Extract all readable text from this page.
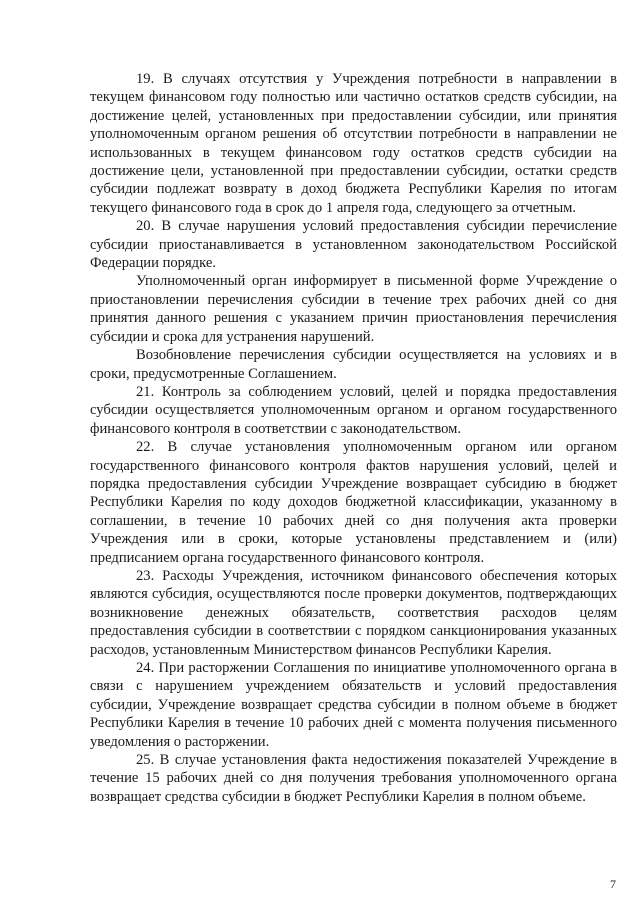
19. В случаях отсутствия у Учреждения потребности в направлении в текущем финансовом году полностью или частично остатков средств субсидии, на достижение целей, установленных при предоставлении субсидии, или принятия уполномоченным органом решения об отсутствии потребности в направлении не использованных в текущем финансовом году остатков средств субсидии на достижение цели, установленной при предоставлении субсидии, остатки средств субсидии подлежат возврату в доход бюджета Республики Карелия по итогам текущего финансового года в срок до 1 апреля года, следующего за отчетным.

20. В случае нарушения условий предоставления субсидии перечисление субсидии приостанавливается в установленном законодательством Российской Федерации порядке.

Уполномоченный орган информирует в письменной форме Учреждение о приостановлении перечисления субсидии в течение трех рабочих дней со дня принятия данного решения с указанием причин приостановления перечисления субсидии и срока для устранения нарушений.

Возобновление перечисления субсидии осуществляется на условиях и в сроки, предусмотренные Соглашением.

21. Контроль за соблюдением условий, целей и порядка предоставления субсидии осуществляется уполномоченным органом и органом государственного финансового контроля в соответствии с законодательством.

22. В случае установления уполномоченным органом или органом государственного финансового контроля фактов нарушения условий, целей и порядка предоставления субсидии Учреждение возвращает субсидию в бюджет Республики Карелия по коду доходов бюджетной классификации, указанному в соглашении, в течение 10 рабочих дней со дня получения акта проверки Учреждения или в сроки, которые установлены представлением и (или) предписанием органа государственного финансового контроля.

23. Расходы Учреждения, источником финансового обеспечения которых являются субсидия, осуществляются после проверки документов, подтверждающих возникновение денежных обязательств, соответствия расходов целям предоставления субсидии в соответствии с порядком санкционирования указанных расходов, установленным Министерством финансов Республики Карелия.

24. При расторжении Соглашения по инициативе уполномоченного органа в связи с нарушением учреждением обязательств и условий предоставления субсидии, Учреждение возвращает средства субсидии в полном объеме в бюджет Республики Карелия в течение 10 рабочих дней с момента получения письменного уведомления о расторжении.

25. В случае установления факта недостижения показателей Учреждение в течение 15 рабочих дней со дня получения требования уполномоченного органа возвращает средства субсидии в бюджет Республики Карелия в полном объеме.

7
